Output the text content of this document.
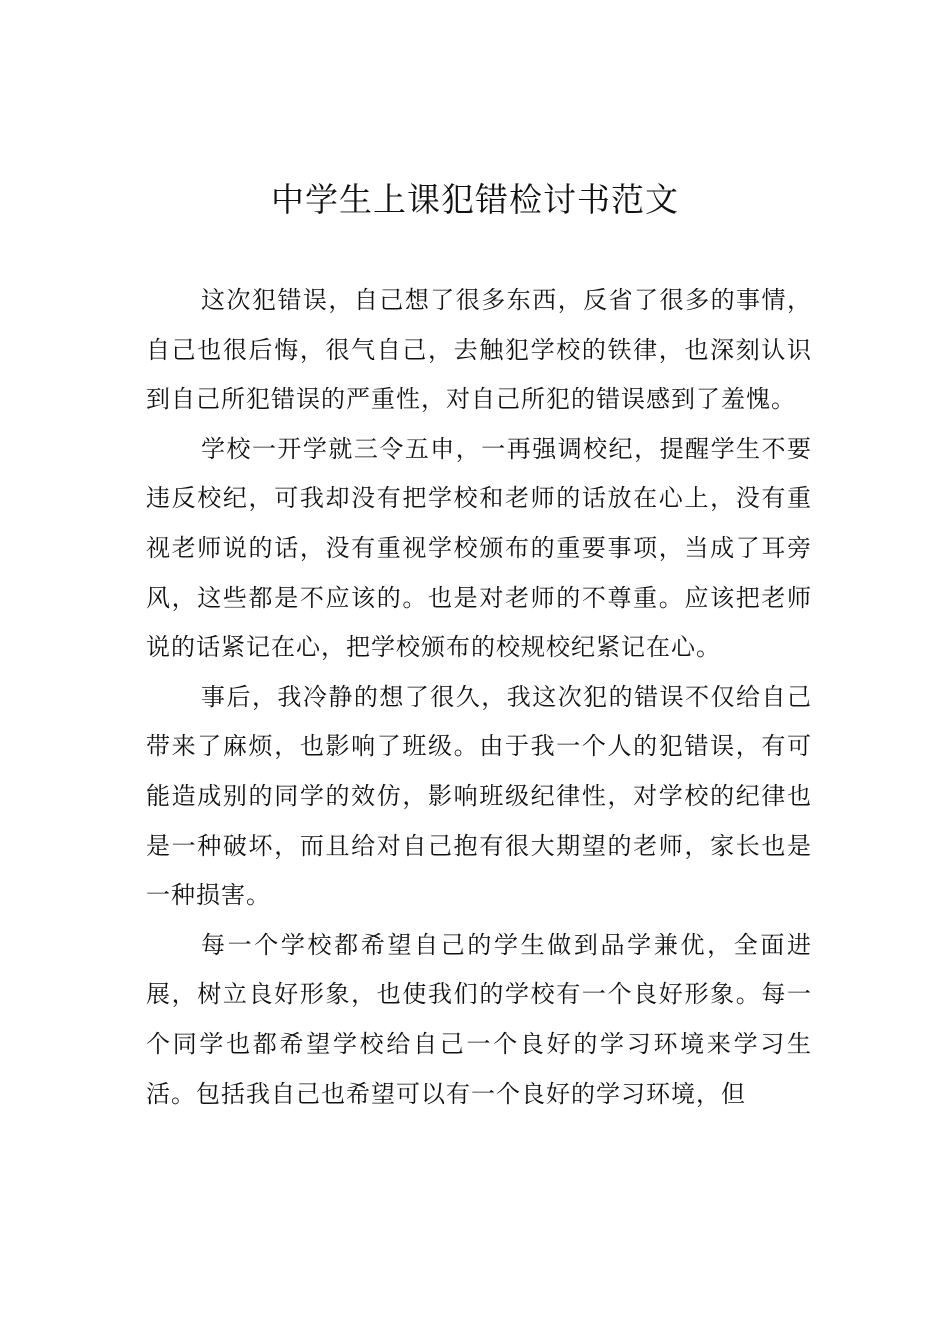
中学生上课犯错检讨书范文

这次犯错误，自己想了很多东西，反省了很多的事情，自己也很后悔，很气自己，去触犯学校的铁律，也深刻认识到自己所犯错误的严重性，对自己所犯的错误感到了羞愧。

学校一开学就三令五申，一再强调校纪，提醒学生不要违反校纪，可我却没有把学校和老师的话放在心上，没有重视老师说的话，没有重视学校颁布的重要事项，当成了耳旁风，这些都是不应该的。也是对老师的不尊重。应该把老师说的话紧记在心，把学校颁布的校规校纪紧记在心。

事后，我冷静的想了很久，我这次犯的错误不仅给自己带来了麻烦，也影响了班级。由于我一个人的犯错误，有可能造成别的同学的效仿，影响班级纪律性，对学校的纪律也是一种破坏，而且给对自己抱有很大期望的老师，家长也是一种损害。

每一个学校都希望自己的学生做到品学兼优，全面进展，树立良好形象，也使我们的学校有一个良好形象。每一个同学也都希望学校给自己一个良好的学习环境来学习生活。包括我自己也希望可以有一个良好的学习环境，但
